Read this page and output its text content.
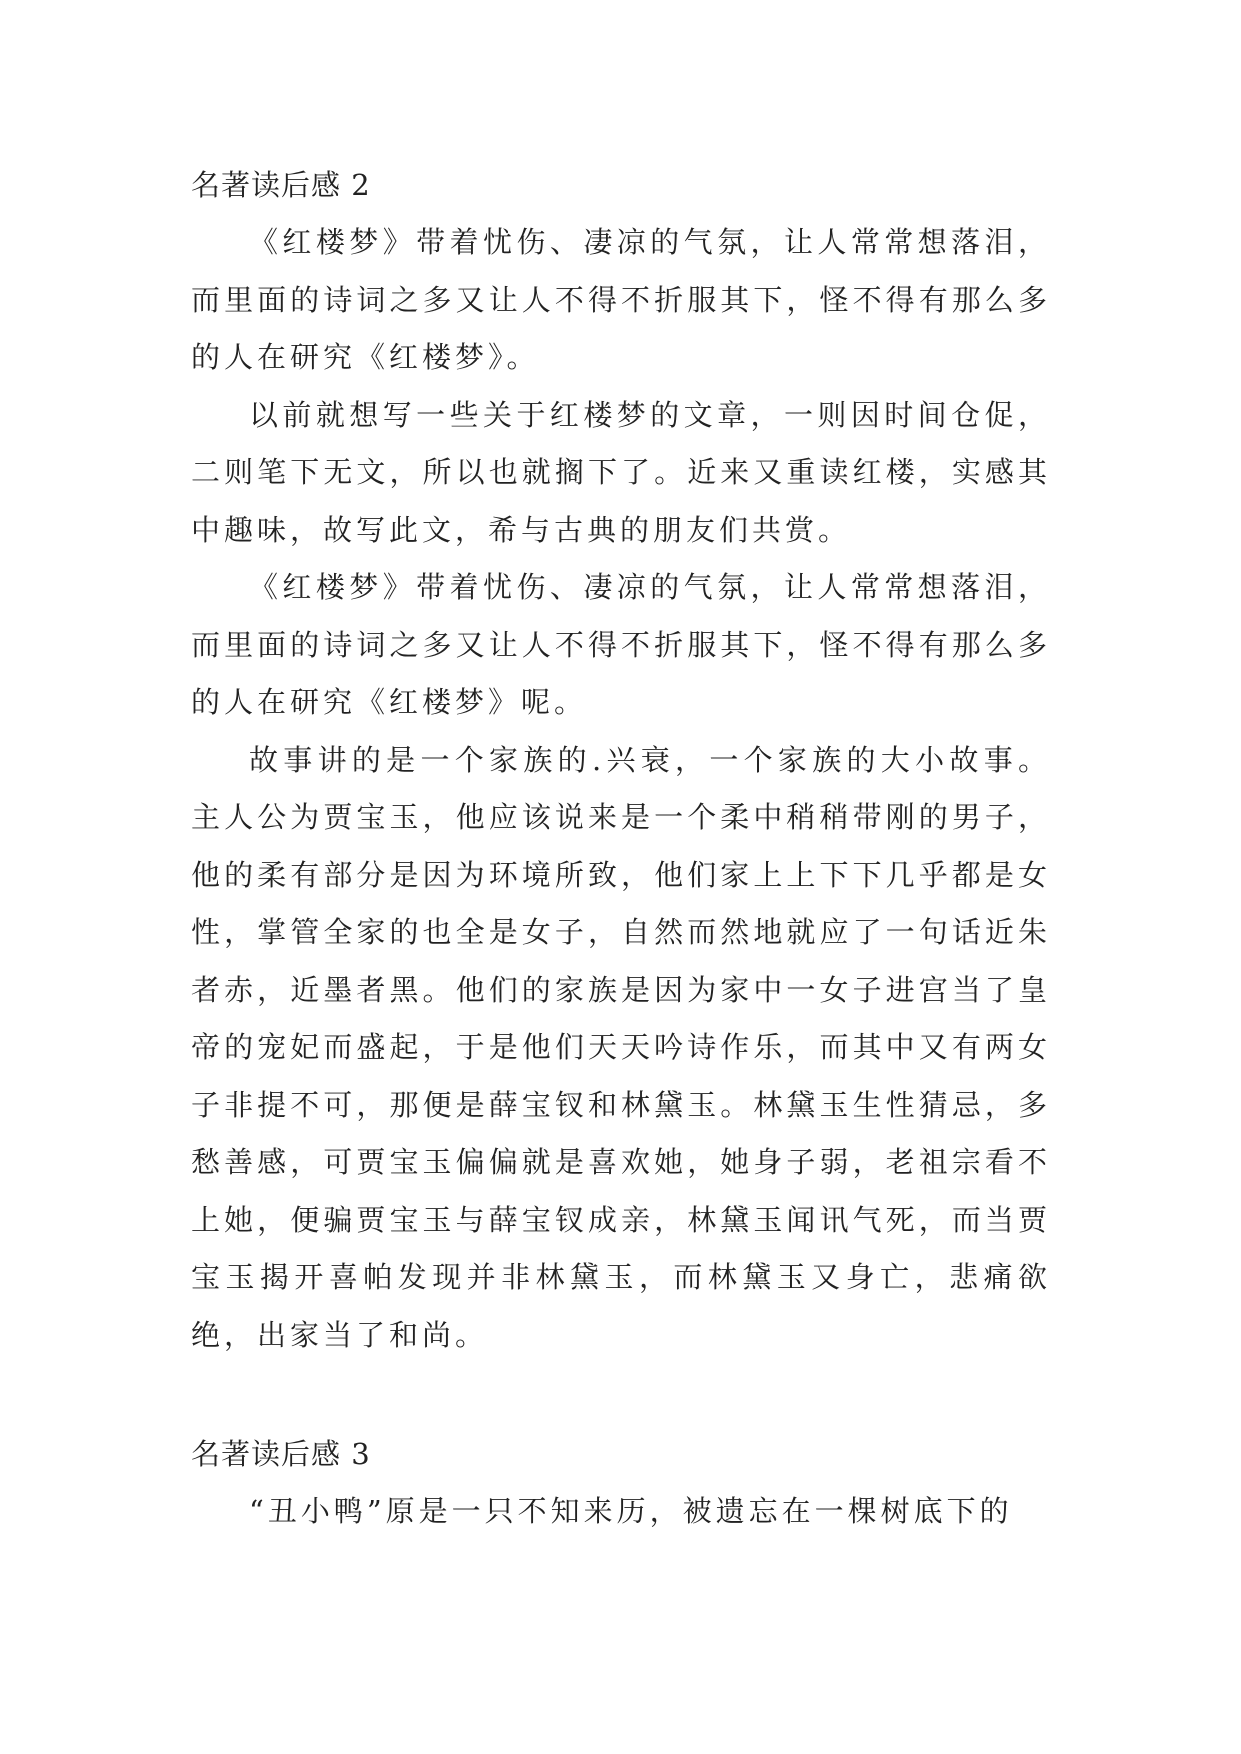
名著读后感 2

《红楼梦》带着忧伤、凄凉的气氛，让人常常想落泪，而里面的诗词之多又让人不得不折服其下，怪不得有那么多的人在研究《红楼梦》。

以前就想写一些关于红楼梦的文章，一则因时间仓促，二则笔下无文，所以也就搁下了。近来又重读红楼，实感其中趣味，故写此文，希与古典的朋友们共赏。

《红楼梦》带着忧伤、凄凉的气氛，让人常常想落泪，而里面的诗词之多又让人不得不折服其下，怪不得有那么多的人在研究《红楼梦》呢。

故事讲的是一个家族的.兴衰，一个家族的大小故事。主人公为贾宝玉，他应该说来是一个柔中稍稍带刚的男子，他的柔有部分是因为环境所致，他们家上上下下几乎都是女性，掌管全家的也全是女子，自然而然地就应了一句话近朱者赤，近墨者黑。他们的家族是因为家中一女子进宫当了皇帝的宠妃而盛起，于是他们天天吟诗作乐，而其中又有两女子非提不可，那便是薛宝钗和林黛玉。林黛玉生性猜忌，多愁善感，可贾宝玉偏偏就是喜欢她，她身子弱，老祖宗看不上她，便骗贾宝玉与薛宝钗成亲，林黛玉闻讯气死，而当贾宝玉揭开喜帕发现并非林黛玉，而林黛玉又身亡，悲痛欲绝，出家当了和尚。

名著读后感 3

“丑小鸭”原是一只不知来历，被遗忘在一棵树底下的
